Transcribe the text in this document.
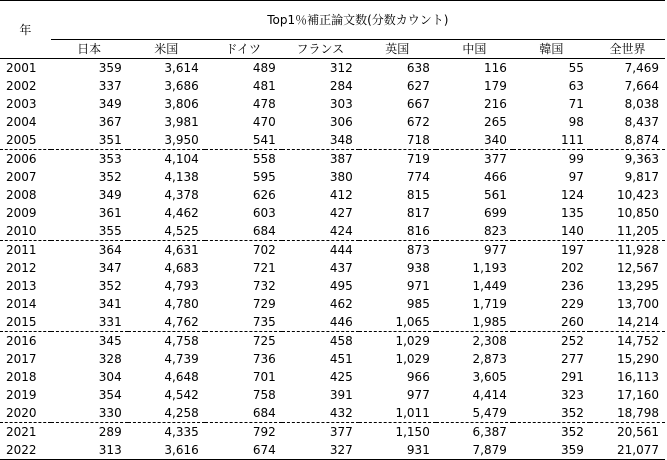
年	Top1％補正論文数(分数カウント)							
	日本	米国	ドイツ	フランス	英国	中国	韓国	全世界
2001	359	3,614	489	312	638	116	55	7,469
2002	337	3,686	481	284	627	179	63	7,664
2003	349	3,806	478	303	667	216	71	8,038
2004	367	3,981	470	306	672	265	98	8,437
2005	351	3,950	541	348	718	340	111	8,874
2006	353	4,104	558	387	719	377	99	9,363
2007	352	4,138	595	380	774	466	97	9,817
2008	349	4,378	626	412	815	561	124	10,423
2009	361	4,462	603	427	817	699	135	10,850
2010	355	4,525	684	424	816	823	140	11,205
2011	364	4,631	702	444	873	977	197	11,928
2012	347	4,683	721	437	938	1,193	202	12,567
2013	352	4,793	732	495	971	1,449	236	13,295
2014	341	4,780	729	462	985	1,719	229	13,700
2015	331	4,762	735	446	1,065	1,985	260	14,214
2016	345	4,758	725	458	1,029	2,308	252	14,752
2017	328	4,739	736	451	1,029	2,873	277	15,290
2018	304	4,648	701	425	966	3,605	291	16,113
2019	354	4,542	758	391	977	4,414	323	17,160
2020	330	4,258	684	432	1,011	5,479	352	18,798
2021	289	4,335	792	377	1,150	6,387	352	20,561
2022	313	3,616	674	327	931	7,879	359	21,077
